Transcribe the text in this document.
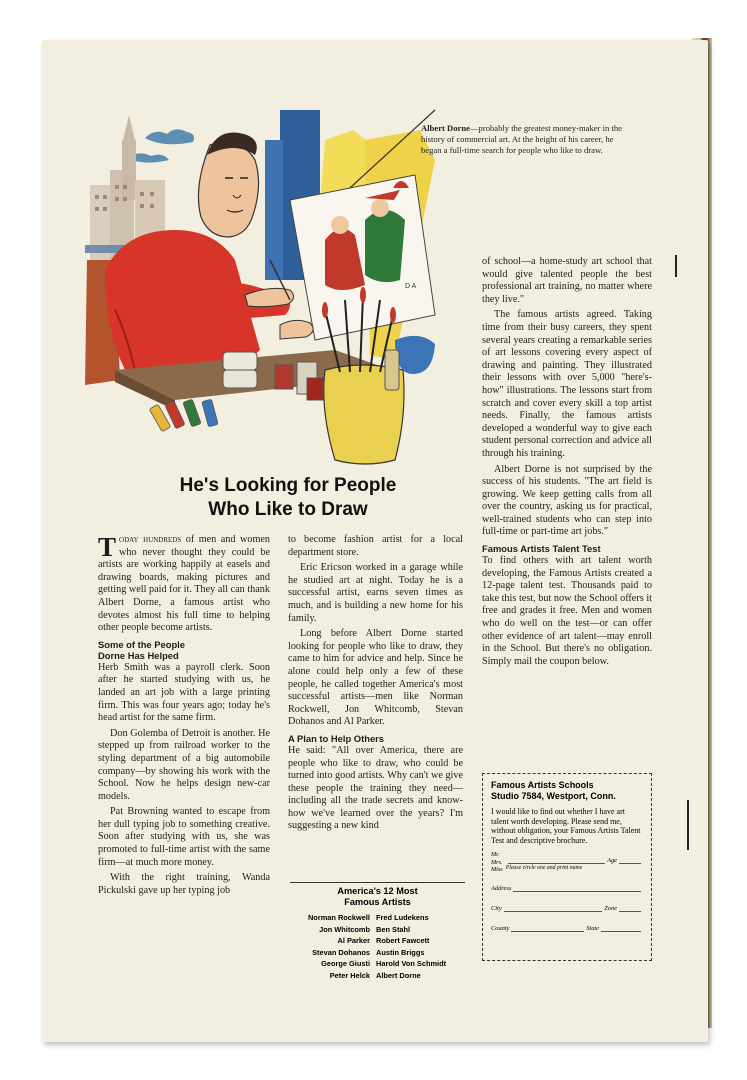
D A
Albert Dorne—probably the greatest money-maker in the history of commercial art. At the height of his career, he began a full-time search for people who like to draw.
He's Looking for People
Who Like to Draw

Today hundreds of men and women who never thought they could be artists are working happily at easels and drawing boards, making pictures and getting well paid for it. They all can thank Albert Dorne, a famous artist who devotes almost his full time to helping other people become artists.

Some of the People
Dorne Has Helped

Herb Smith was a payroll clerk. Soon after he started studying with us, he landed an art job with a large printing firm. This was four years ago; today he's head artist for the same firm.

Don Golemba of Detroit is another. He stepped up from railroad worker to the styling department of a big automobile company—by showing his work with the School. Now he helps design new-car models.

Pat Browning wanted to escape from her dull typing job to something creative. Soon after studying with us, she was promoted to full-time artist with the same firm—at much more money.

With the right training, Wanda Pickulski gave up her typing job

to become fashion artist for a local department store.

Eric Ericson worked in a garage while he studied art at night. Today he is a successful artist, earns seven times as much, and is building a new home for his family.

Long before Albert Dorne started looking for people who like to draw, they came to him for advice and help. Since he alone could help only a few of these people, he called together America's most successful artists—men like Norman Rockwell, Jon Whitcomb, Stevan Dohanos and Al Parker.

A Plan to Help Others

He said: "All over America, there are people who like to draw, who could be turned into good artists. Why can't we give these people the training they need—including all the trade secrets and know-how we've learned over the years? I'm suggesting a new kind

America's 12 Most
Famous Artists
Norman Rockwell Fred Ludekens
Jon Whitcomb Ben Stahl
Al Parker Robert Fawcett
Stevan Dohanos Austin Briggs
George Giusti Harold Von Schmidt
Peter Helck Albert Dorne

of school—a home-study art school that would give talented people the best professional art training, no matter where they live."

The famous artists agreed. Taking time from their busy careers, they spent several years creating a remarkable series of art lessons covering every aspect of drawing and painting. They illustrated their lessons with over 5,000 "here's-how" illustrations. The lessons start from scratch and cover every skill a top artist needs. Finally, the famous artists developed a wonderful way to give each student personal correction and advice all through his training.

Albert Dorne is not surprised by the success of his students. "The art field is growing. We keep getting calls from all over the country, asking us for practical, well-trained students who can step into full-time or part-time art jobs."

Famous Artists Talent Test

To find others with art talent worth developing, the Famous Artists created a 12-page talent test. Thousands paid to take this test, but now the School offers it free and grades it free. Men and women who do well on the test—or can offer other evidence of art talent—may enroll in the School. But there's no obligation. Simply mail the coupon below.

Famous Artists Schools
Studio 7584, Westport, Conn.
I would like to find out whether I have art talent worth developing. Please send me, without obligation, your Famous Artists Talent Test and descriptive brochure.
Mr.
Mrs.
Miss
Age
Please circle one and print name
Address
City	Zone
County	State
